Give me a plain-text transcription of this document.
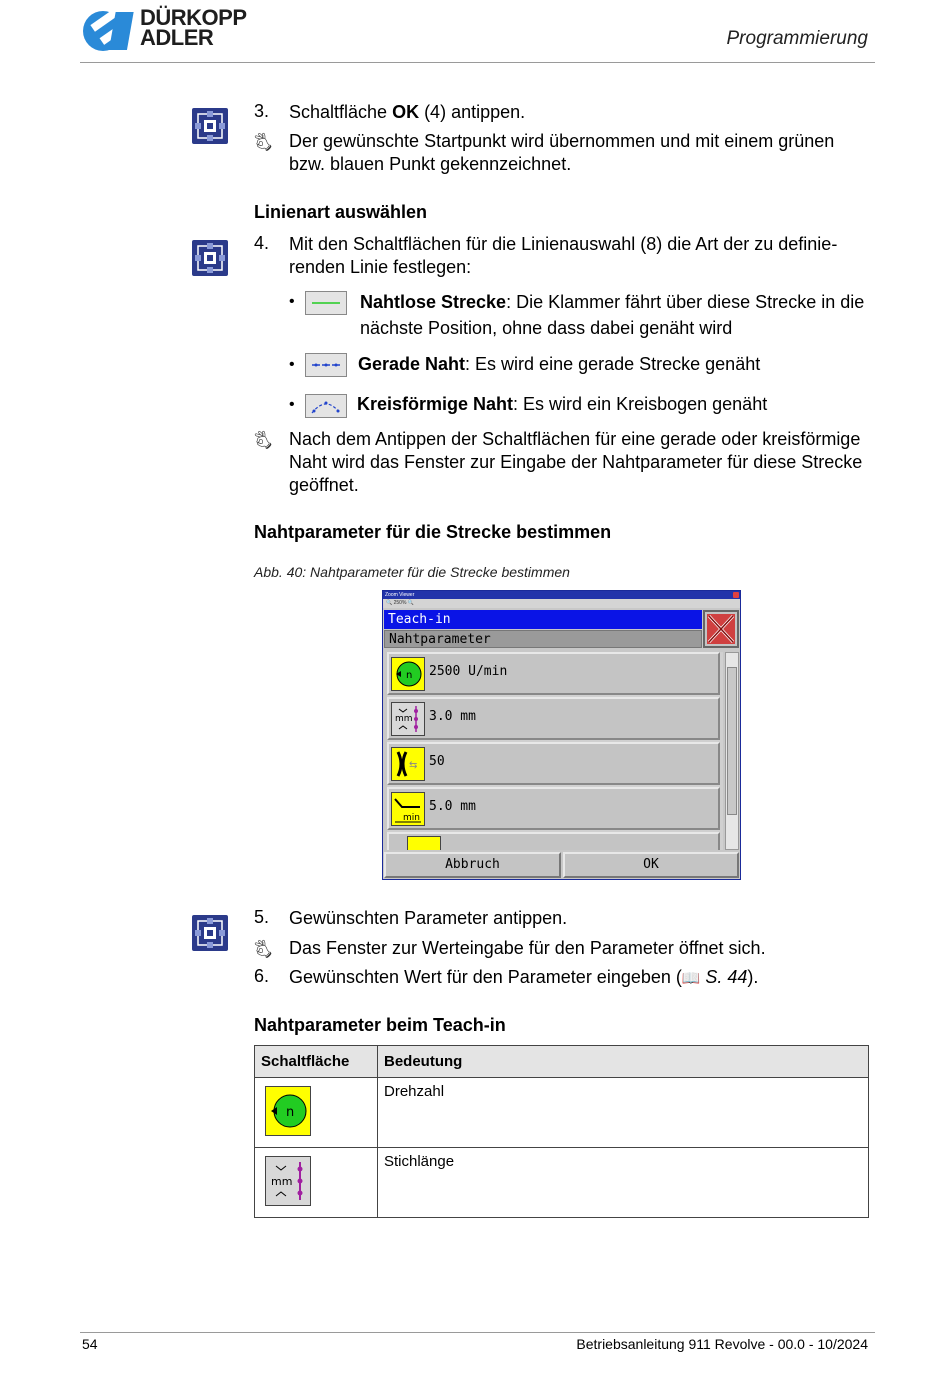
DÜRKOPP
ADLER	Programmierung
3. Schaltfläche OK (4) antippen.
🖏 Der gewünschte Startpunkt wird übernommen und mit einem grünen bzw. blauen Punkt gekennzeichnet.
Linienart auswählen
4. Mit den Schaltflächen für die Linienauswahl (8) die Art der zu definierenden Linie festlegen:
•	Nahtlose Strecke: Die Klammer fährt über diese Strecke in die nächste Position, ohne dass dabei genäht wird
•	Gerade Naht: Es wird eine gerade Strecke genäht
•	Kreisförmige Naht: Es wird ein Kreisbogen genäht
🖏 Nach dem Antippen der Schaltflächen für eine gerade oder kreisförmige Naht wird das Fenster zur Eingabe der Nahtparameter für diese Strecke geöffnet.
Nahtparameter für die Strecke bestimmen
Abb. 40: Nahtparameter für die Strecke bestimmen
Zoom Viewer
🔍 250% 🔍
Teach-in
Nahtparameter
n 2500 U/min
mm 3.0 mm
⇆ 50
min
5.0 mm
Abbruch	OK
5. Gewünschten Parameter antippen.
🖏 Das Fenster zur Werteingabe für den Parameter öffnet sich.
6. Gewünschten Wert für den Parameter eingeben (📖 S. 44).
Nahtparameter beim Teach-in
Schaltfläche	Bedeutung

n	Drehzahl

mm	Stichlänge
54	Betriebsanleitung 911 Revolve - 00.0 - 10/2024
